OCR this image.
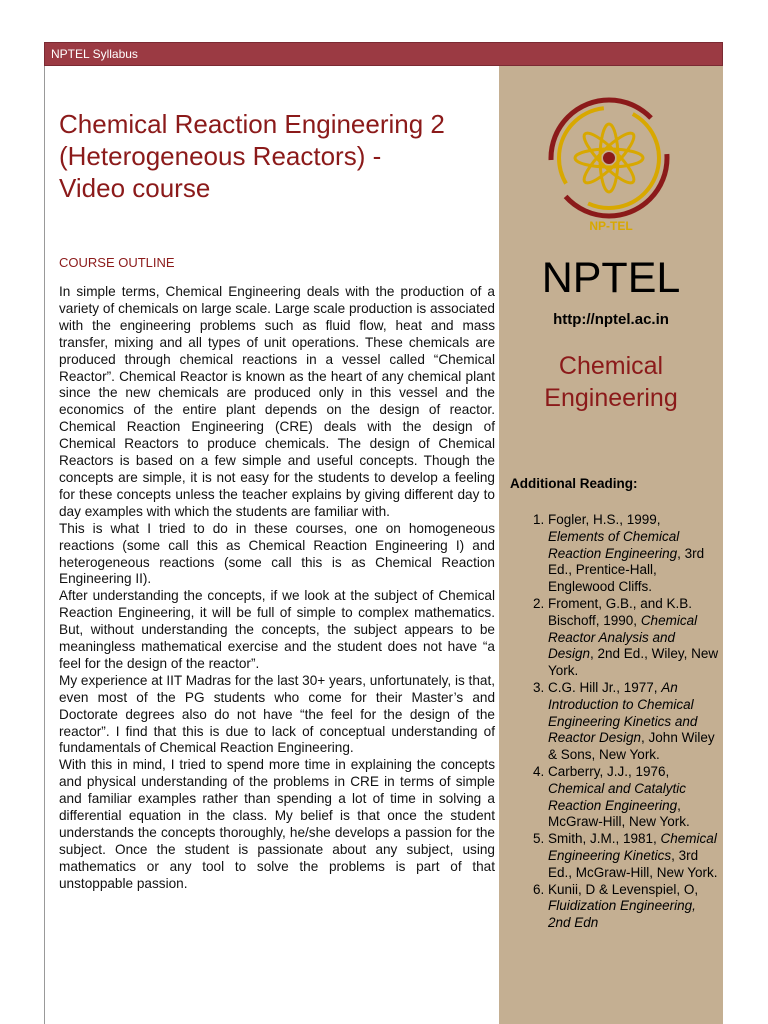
NPTEL Syllabus
Chemical Reaction Engineering 2
(Heterogeneous Reactors) -
Video course
COURSE OUTLINE

In simple terms, Chemical Engineering deals with the production of a variety of chemicals on large scale. Large scale production is associated with the engineering problems such as fluid flow, heat and mass transfer, mixing and all types of unit operations. These chemicals are produced through chemical reactions in a vessel called “Chemical Reactor”. Chemical Reactor is known as the heart of any chemical plant since the new chemicals are produced only in this vessel and the economics of the entire plant depends on the design of reactor. Chemical Reaction Engineering (CRE) deals with the design of Chemical Reactors to produce chemicals. The design of Chemical Reactors is based on a few simple and useful concepts. Though the concepts are simple, it is not easy for the students to develop a feeling for these concepts unless the teacher explains by giving different day to day examples with which the students are familiar with.

This is what I tried to do in these courses, one on homogeneous reactions (some call this as Chemical Reaction Engineering I) and heterogeneous reactions (some call this is as Chemical Reaction Engineering II).

After understanding the concepts, if we look at the subject of Chemical Reaction Engineering, it will be full of simple to complex mathematics. But, without understanding the concepts, the subject appears to be meaningless mathematical exercise and the student does not have “a feel for the design of the reactor”.

My experience at IIT Madras for the last 30+ years, unfortunately, is that, even most of the PG students who come for their Master’s and Doctorate degrees also do not have “the feel for the design of the reactor”. I find that this is due to lack of conceptual understanding of fundamentals of Chemical Reaction Engineering.

With this in mind, I tried to spend more time in explaining the concepts and physical understanding of the problems in CRE in terms of simple and familiar examples rather than spending a lot of time in solving a differential equation in the class. My belief is that once the student understands the concepts thoroughly, he/she develops a passion for the subject. Once the student is passionate about any subject, using mathematics or any tool to solve the problems is part of that unstoppable passion.

NP-TEL
NPTEL
http://nptel.ac.in
Chemical
Engineering
Additional Reading:
1. Fogler, H.S., 1999, Elements of Chemical Reaction Engineering, 3rd Ed., Prentice-Hall, Englewood Cliffs.
2. Froment, G.B., and K.B. Bischoff, 1990, Chemical Reactor Analysis and Design, 2nd Ed., Wiley, New York.
3. C.G. Hill Jr., 1977, An Introduction to Chemical Engineering Kinetics and Reactor Design, John Wiley & Sons, New York.
4. Carberry, J.J., 1976, Chemical and Catalytic Reaction Engineering, McGraw-Hill, New York.
5. Smith, J.M., 1981, Chemical Engineering Kinetics, 3rd Ed., McGraw-Hill, New York.
6. Kunii, D & Levenspiel, O, Fluidization Engineering, 2nd Edn
